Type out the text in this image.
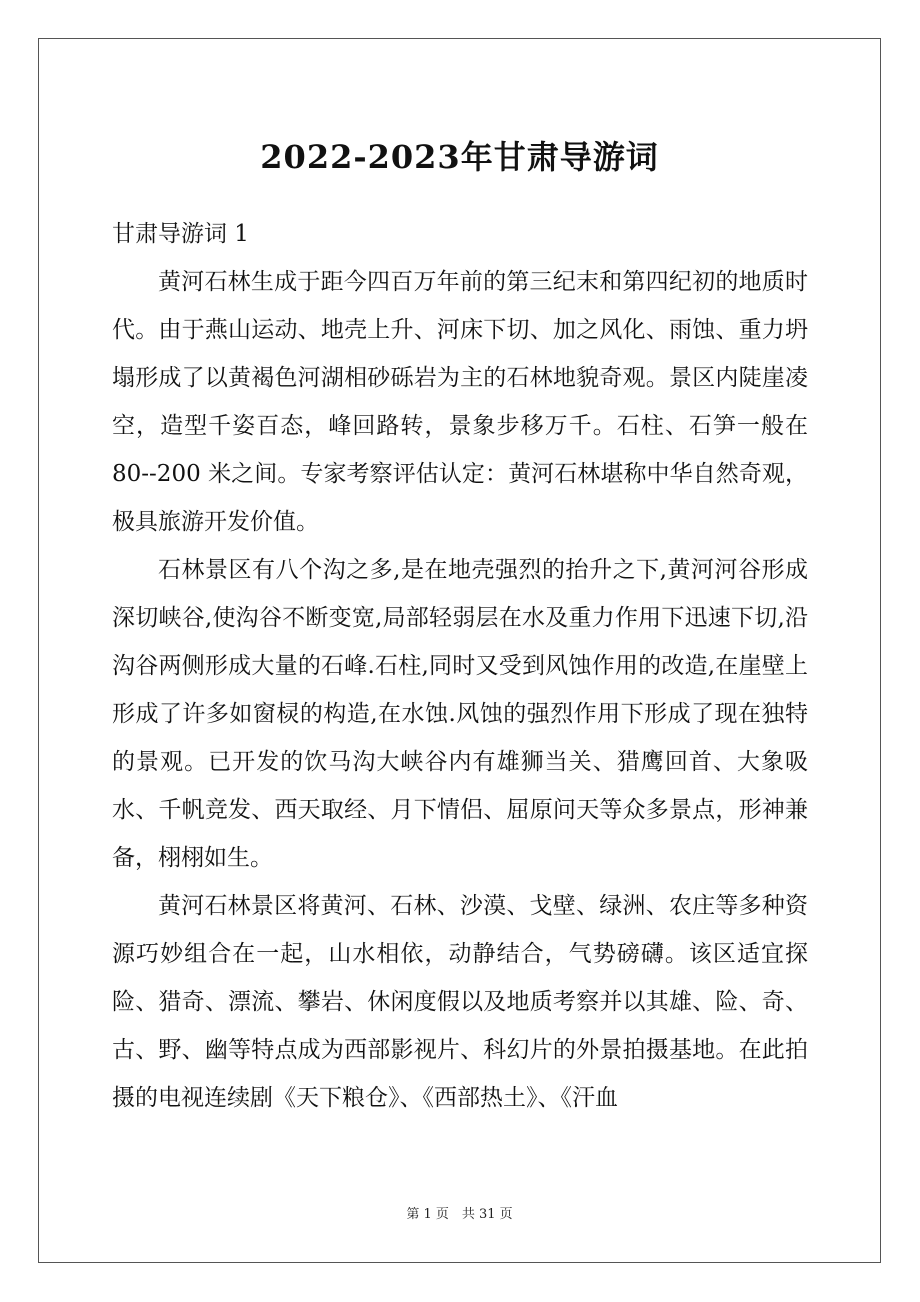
2022-2023年甘肃导游词
甘肃导游词 1

黄河石林生成于距今四百万年前的第三纪末和第四纪初的地质时代。由于燕山运动、地壳上升、河床下切、加之风化、雨蚀、重力坍塌形成了以黄褐色河湖相砂砾岩为主的石林地貌奇观。景区内陡崖凌空，造型千姿百态，峰回路转，景象步移万千。石柱、石笋一般在 80--200 米之间。专家考察评估认定：黄河石林堪称中华自然奇观，极具旅游开发价值。

石林景区有八个沟之多,是在地壳强烈的抬升之下,黄河河谷形成深切峡谷,使沟谷不断变宽,局部轻弱层在水及重力作用下迅速下切,沿沟谷两侧形成大量的石峰.石柱,同时又受到风蚀作用的改造,在崖壁上形成了许多如窗棂的构造,在水蚀.风蚀的强烈作用下形成了现在独特的景观。已开发的饮马沟大峡谷内有雄狮当关、猎鹰回首、大象吸水、千帆竞发、西天取经、月下情侣、屈原问天等众多景点，形神兼备，栩栩如生。

黄河石林景区将黄河、石林、沙漠、戈壁、绿洲、农庄等多种资源巧妙组合在一起，山水相依，动静结合，气势磅礴。该区适宜探险、猎奇、漂流、攀岩、休闲度假以及地质考察并以其雄、险、奇、古、野、幽等特点成为西部影视片、科幻片的外景拍摄基地。在此拍摄的电视连续剧《天下粮仓》、《西部热土》、《汗血

第 1 页　共 31 页
